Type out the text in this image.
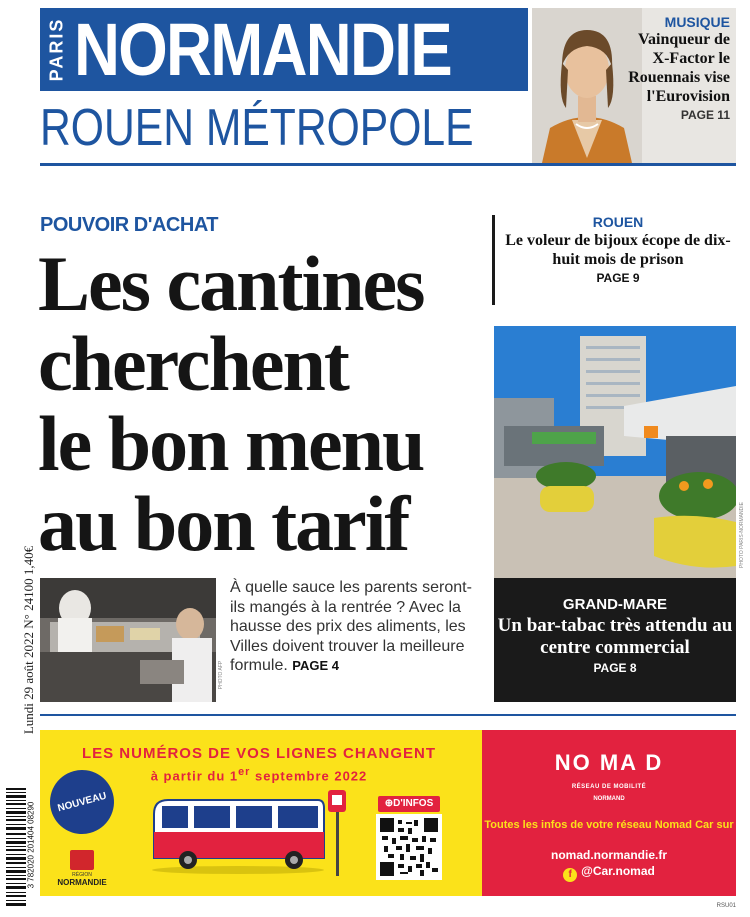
PARIS NORMANDIE
ROUEN MÉTROPOLE
MUSIQUE
Vainqueur de X-Factor le Rouennais vise l'Eurovision
PAGE 11
POUVOIR D'ACHAT
Les cantines
cherchent
le bon menu
au bon tarif
Lundi 29 août 2022 N° 24100 1,40€	PHOTO AFP
À quelle sauce les parents seront-ils mangés à la rentrée ? Avec la hausse des prix des aliments, les Villes doivent trouver la meilleure formule. PAGE 4
ROUEN
Le voleur de bijoux écope de dix-huit mois de prison
PAGE 9
PHOTO PARIS-NORMANDIE
GRAND-MARE
Un bar-tabac très attendu au centre commercial
PAGE 8
3 782020 201404 08290
LES NUMÉROS DE VOS LIGNES CHANGENT
à partir du 1er septembre 2022
NOUVEAU	⊕D'INFOS
RÉGION
NORMANDIE
NO MA D
RÉSEAU DE MOBILITÉ
NORMAND
Toutes les infos de votre réseau Nomad Car sur
nomad.normandie.fr
f @Car.nomad
RSU01
